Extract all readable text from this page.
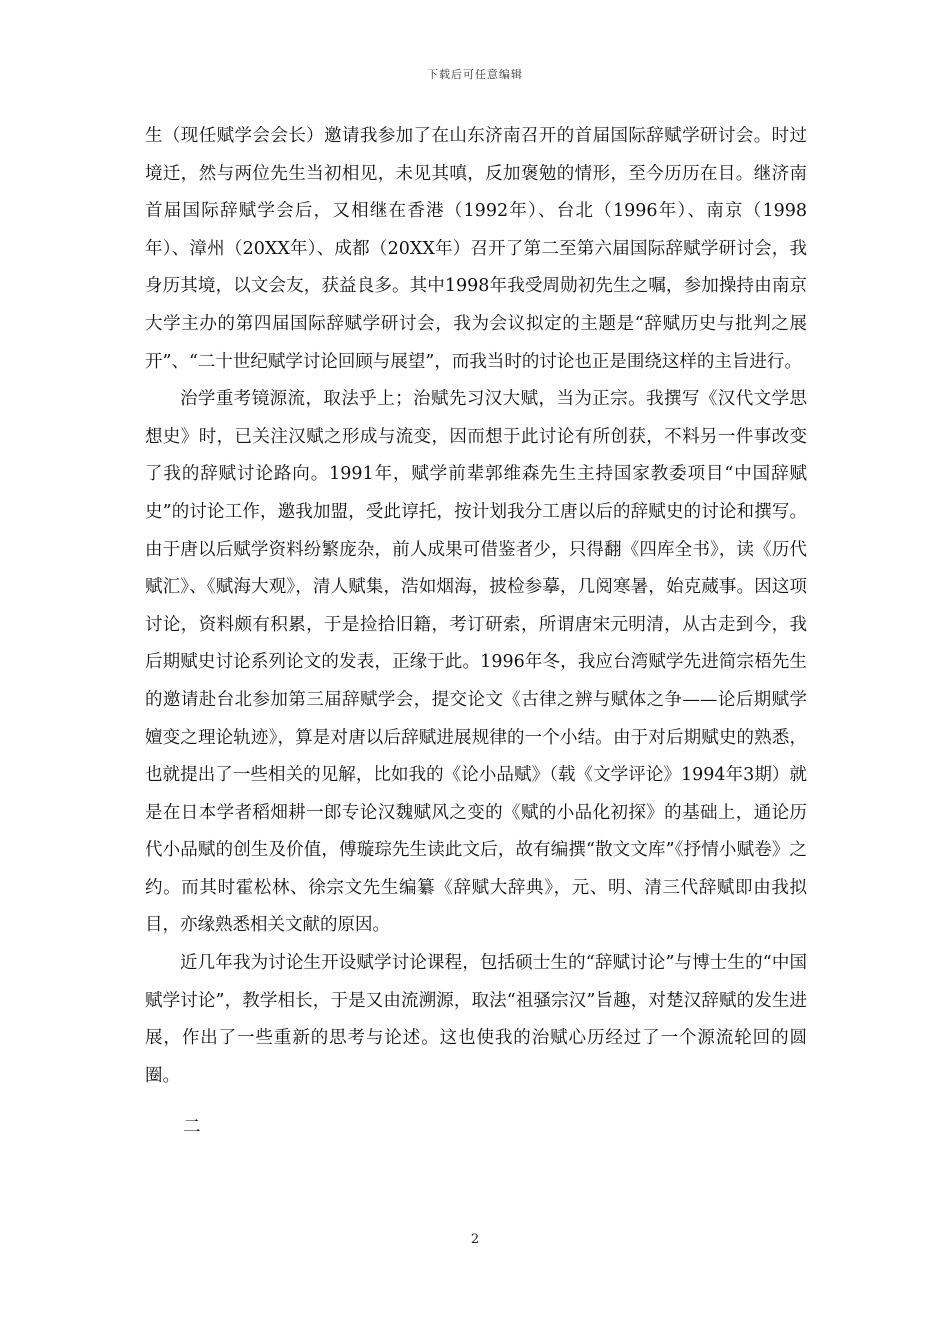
下载后可任意编辑

生（现任赋学会会长）邀请我参加了在山东济南召开的首届国际辞赋学研讨会。时过境迁，然与两位先生当初相见，未见其嗔，反加褒勉的情形，至今历历在目。继济南首届国际辞赋学会后，又相继在香港（1992年）、台北（1996年）、南京（1998年）、漳州（20XX年）、成都（20XX年）召开了第二至第六届国际辞赋学研讨会，我身历其境，以文会友，获益良多。其中1998年我受周勋初先生之嘱，参加操持由南京大学主办的第四届国际辞赋学研讨会，我为会议拟定的主题是“辞赋历史与批判之展开”、“二十世纪赋学讨论回顾与展望”，而我当时的讨论也正是围绕这样的主旨进行。

治学重考镜源流，取法乎上；治赋先习汉大赋，当为正宗。我撰写《汉代文学思想史》时，已关注汉赋之形成与流变，因而想于此讨论有所创获，不料另一件事改变了我的辞赋讨论路向。1991年，赋学前辈郭维森先生主持国家教委项目“中国辞赋史”的讨论工作，邀我加盟，受此谆托，按计划我分工唐以后的辞赋史的讨论和撰写。由于唐以后赋学资料纷繁庞杂，前人成果可借鉴者少，只得翻《四库全书》，读《历代赋汇》、《赋海大观》，清人赋集，浩如烟海，披检参摹，几阅寒暑，始克蒇事。因这项讨论，资料颇有积累，于是捡拾旧籍，考订研索，所谓唐宋元明清，从古走到今，我后期赋史讨论系列论文的发表，正缘于此。1996年冬，我应台湾赋学先进简宗梧先生的邀请赴台北参加第三届辞赋学会，提交论文《古律之辨与赋体之争——论后期赋学嬗变之理论轨迹》，算是对唐以后辞赋进展规律的一个小结。由于对后期赋史的熟悉，也就提出了一些相关的见解，比如我的《论小品赋》（载《文学评论》1994年3期）就是在日本学者稻畑耕一郎专论汉魏赋风之变的《赋的小品化初探》的基础上，通论历代小品赋的创生及价值，傅璇琮先生读此文后，故有编撰“散文文库”《抒情小赋卷》之约。而其时霍松林、徐宗文先生编纂《辞赋大辞典》，元、明、清三代辞赋即由我拟目，亦缘熟悉相关文献的原因。

近几年我为讨论生开设赋学讨论课程，包括硕士生的“辞赋讨论”与博士生的“中国赋学讨论”，教学相长，于是又由流溯源，取法“祖骚宗汉”旨趣，对楚汉辞赋的发生进展，作出了一些重新的思考与论述。这也使我的治赋心历经过了一个源流轮回的圆圈。

二

2
